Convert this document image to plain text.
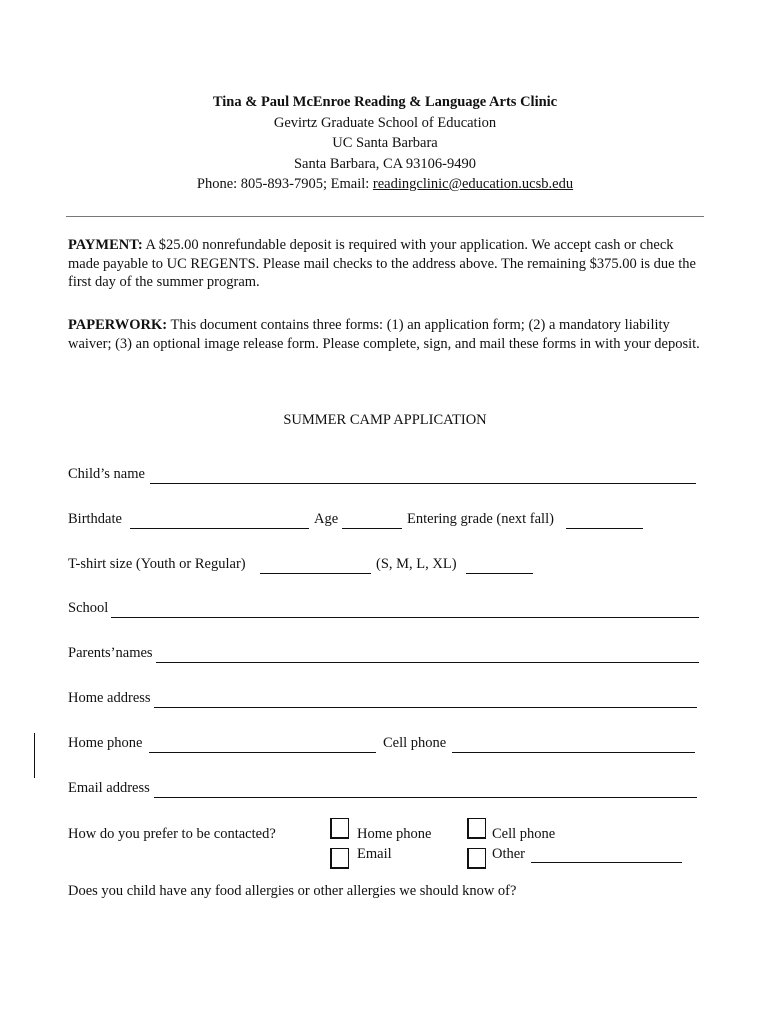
Tina & Paul McEnroe Reading & Language Arts Clinic
Gevirtz Graduate School of Education
UC Santa Barbara
Santa Barbara, CA 93106-9490
Phone: 805-893-7905; Email: readingclinic@education.ucsb.edu
PAYMENT: A $25.00 nonrefundable deposit is required with your application. We accept cash or check made payable to UC REGENTS. Please mail checks to the address above. The remaining $375.00 is due the first day of the summer program.
PAPERWORK: This document contains three forms: (1) an application form; (2) a mandatory liability waiver; (3) an optional image release form. Please complete, sign, and mail these forms in with your deposit.
SUMMER CAMP APPLICATION
Child’s name
Birthdate	Age	Entering grade (next fall)
T-shirt size (Youth or Regular)	(S, M, L, XL)
School
Parents’names
Home address
Home phone	Cell phone
Email address
How do you prefer to be contacted?	Home phone	Cell phone
Email	Other
Does you child have any food allergies or other allergies we should know of?
